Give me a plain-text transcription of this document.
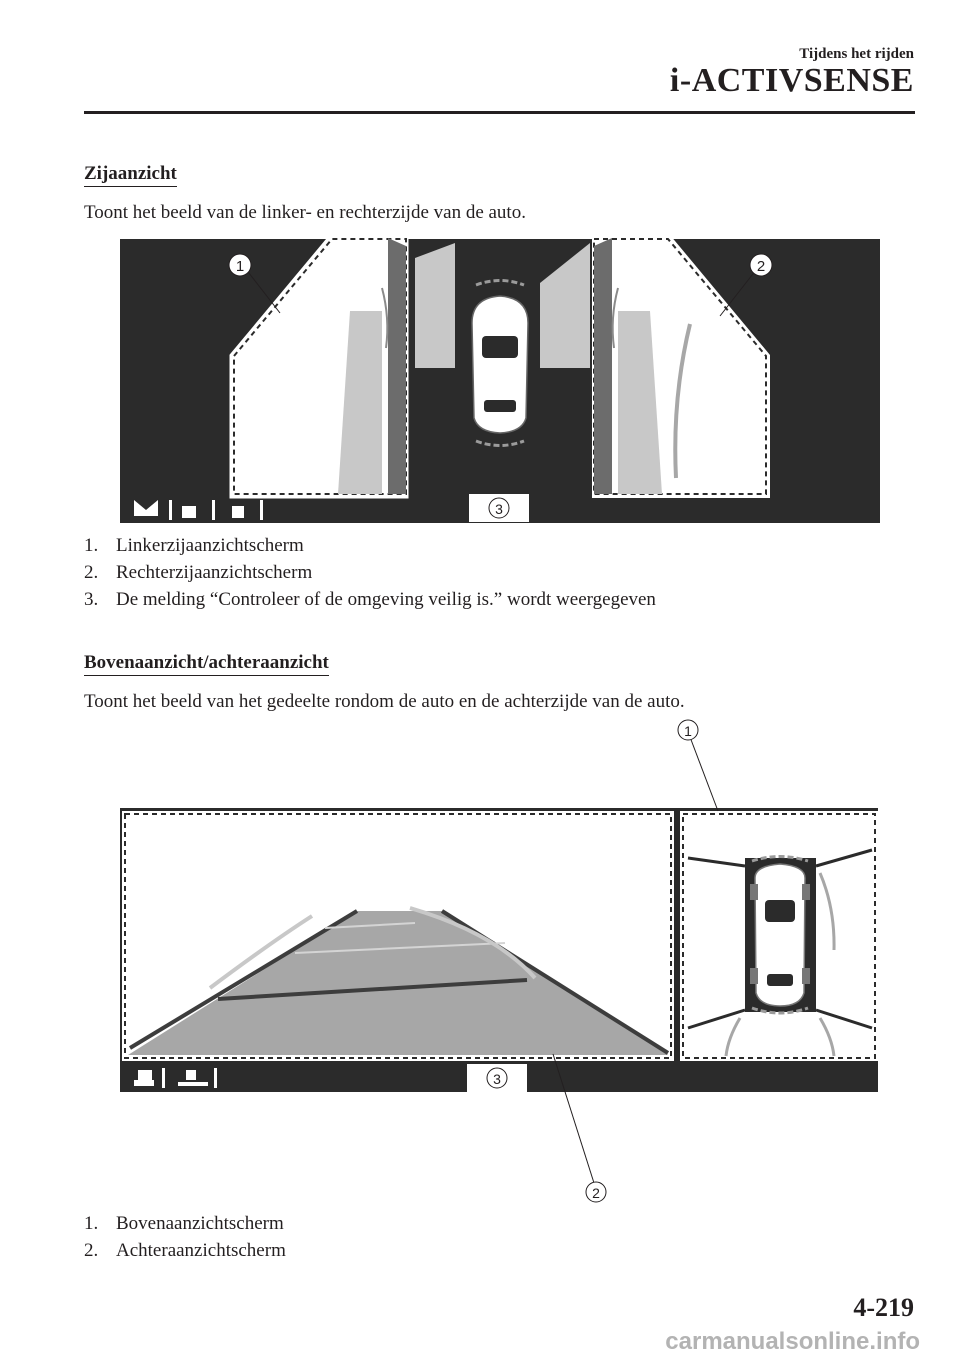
Tijdens het rijden
i-ACTIVSENSE
Zijaanzicht
Toont het beeld van de linker- en rechterzijde van de auto.
1	2
3
1. Linkerzijaanzichtscherm
2. Rechterzijaanzichtscherm
3. De melding “Controleer of de omgeving veilig is.” wordt weergegeven
Bovenaanzicht/achteraanzicht
Toont het beeld van het gedeelte rondom de auto en de achterzijde van de auto.
1
3
2
1. Bovenaanzichtscherm
2. Achteraanzichtscherm
4-219
carmanualsonline.info
